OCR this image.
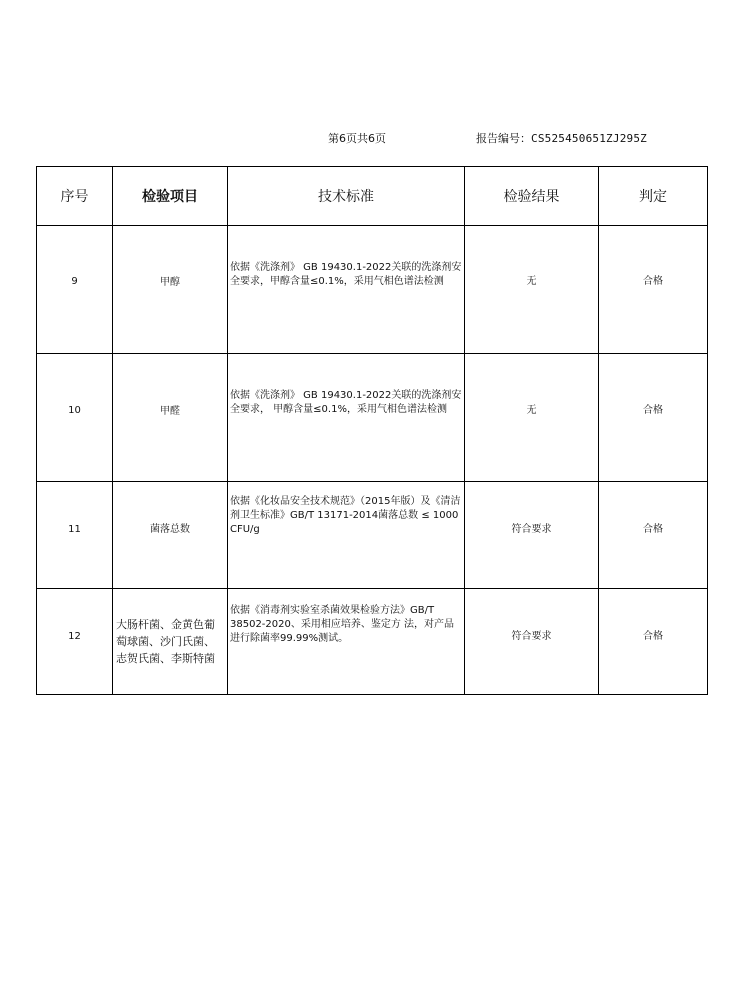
第6页共6页	报告编号：CS525450651ZJ295Z
序号	检验项目	技术标准	检验结果	判定
9	甲醇	依据《洗涤剂》 GB 19430.1-2022关联的洗涤剂安全要求，甲醇含量≤0.1%，采用气相色谱法检测	无	合格
10	甲醛	依据《洗涤剂》 GB 19430.1-2022关联的洗涤剂安全要求， 甲醇含量≤0.1%，采用气相色谱法检测	无	合格
11	菌落总数	依据《化妆品安全技术规范》（2015年版）及《清洁剂卫生标准》GB/T 13171-2014菌落总数 ≤ 1000 CFU/g	符合要求	合格
12	大肠杆菌、金黄色葡萄球菌、沙门氏菌、志贺氏菌、李斯特菌	依据《消毒剂实验室杀菌效果检验方法》GB/T 38502-2020、采用相应培养、鉴定方 法，对产品进行除菌率99.99%测试。	符合要求	合格
